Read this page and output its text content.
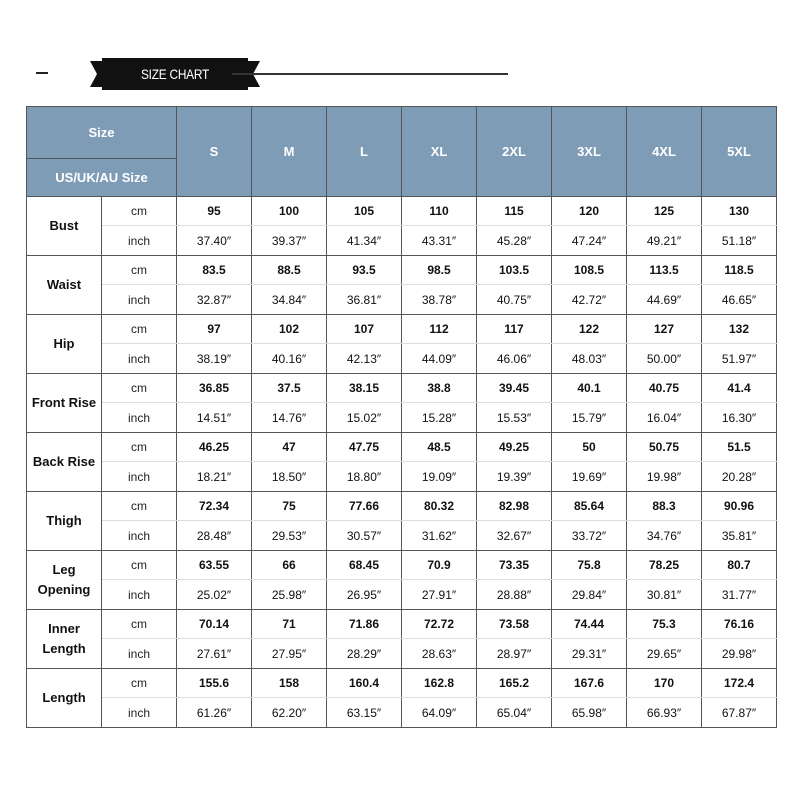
SIZE CHART
Size		S	M	L	XL	2XL	3XL	4XL	5XL
US/UK/AU Size									

Bust	cm	95	100	105	110	115	120	125	130
	inch	37.40″	39.37″	41.34″	43.31″	45.28″	47.24″	49.21″	51.18″

Waist	cm	83.5	88.5	93.5	98.5	103.5	108.5	113.5	118.5
	inch	32.87″	34.84″	36.81″	38.78″	40.75″	42.72″	44.69″	46.65″

Hip	cm	97	102	107	112	117	122	127	132
	inch	38.19″	40.16″	42.13″	44.09″	46.06″	48.03″	50.00″	51.97″

Front Rise	cm	36.85	37.5	38.15	38.8	39.45	40.1	40.75	41.4
	inch	14.51″	14.76″	15.02″	15.28″	15.53″	15.79″	16.04″	16.30″

Back Rise	cm	46.25	47	47.75	48.5	49.25	50	50.75	51.5
	inch	18.21″	18.50″	18.80″	19.09″	19.39″	19.69″	19.98″	20.28″

Thigh	cm	72.34	75	77.66	80.32	82.98	85.64	88.3	90.96
	inch	28.48″	29.53″	30.57″	31.62″	32.67″	33.72″	34.76″	35.81″

Leg
Opening	cm	63.55	66	68.45	70.9	73.35	75.8	78.25	80.7
	inch	25.02″	25.98″	26.95″	27.91″	28.88″	29.84″	30.81″	31.77″

Inner
Length	cm	70.14	71	71.86	72.72	73.58	74.44	75.3	76.16
	inch	27.61″	27.95″	28.29″	28.63″	28.97″	29.31″	29.65″	29.98″

Length	cm	155.6	158	160.4	162.8	165.2	167.6	170	172.4
	inch	61.26″	62.20″	63.15″	64.09″	65.04″	65.98″	66.93″	67.87″
